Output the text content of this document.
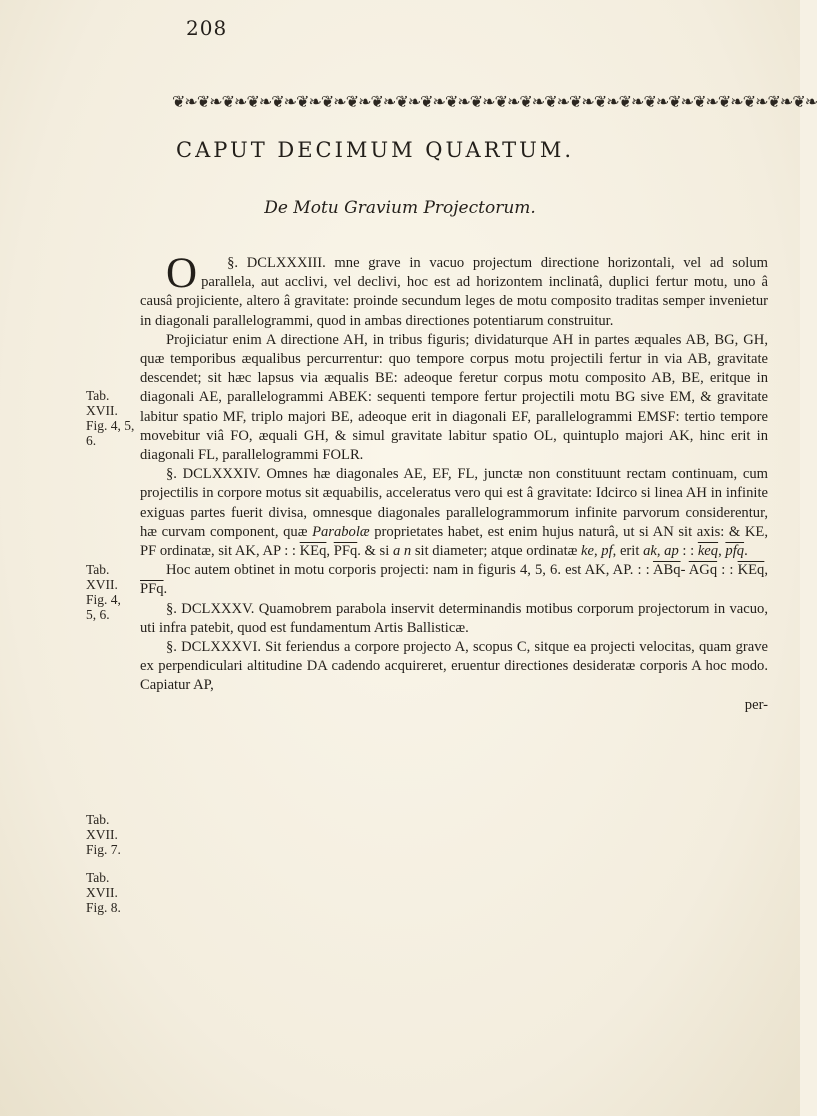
208
❦❧❦❧❦❧❦❧❦❧❦❧❦❧❦❧❦❧❦❧❦❧❦❧❦❧❦❧❦❧❦❧❦❧❦❧❦❧❦❧❦❧❦❧❦❧❦❧❦❧❦❧
CAPUT DECIMUM QUARTUM.
De Motu Gravium Projectorum.
Tab.
XVII.
Fig. 4, 5,
6.
Tab.
XVII.
Fig. 4,
5, 6.
Tab.
XVII.
Fig. 7.
Tab.
XVII.
Fig. 8.

§. DCLXXXIII.
O	mne grave in vacuo projectum directione horizontali, vel ad solum parallela, aut acclivi, vel declivi, hoc est ad horizontem inclinatâ, duplici fertur motu, uno â causâ projiciente, altero â gravitate: proinde secundum leges de motu composito traditas semper invenietur in diagonali parallelogrammi, quod in ambas directiones potentiarum construitur.

Projiciatur enim A directione AH, in tribus figuris; dividaturque AH in partes æquales AB, BG, GH, quæ temporibus æqualibus percurrentur: quo tempore corpus motu projectili fertur in via AB, gravitate descendet; sit hæc lapsus via æqualis BE: adeoque feretur corpus motu composito AB, BE, eritque in diagonali AE, parallelogrammi ABEK: sequenti tempore fertur projectili motu BG sive EM, & gravitate labitur spatio MF, triplo majori BE, adeoque erit in diagonali EF, parallelogrammi EMSF: tertio tempore movebitur viâ FO, æquali GH, & simul gravitate labitur spatio OL, quintuplo majori AK, hinc erit in diagonali FL, parallelogrammi FOLR.

§. DCLXXXIV. Omnes hæ diagonales AE, EF, FL, junctæ non constituunt rectam continuam, cum projectilis in corpore motus sit æquabilis, acceleratus vero qui est â gravitate: Idcirco si linea AH in infinite exiguas partes fuerit divisa, omnesque diagonales parallelogrammorum infinite parvorum considerentur, hæ curvam component, quæ Parabolæ proprietates habet, est enim hujus naturâ, ut si AN sit axis: & KE, PF ordinatæ, sit AK, AP : : $\overline{KEq}$, $\overline{PFq}$. & si a n sit diameter; atque ordinatæ ke, pf, erit ak, ap : : $\overline{keq}$, $\overline{pfq}$.

Hoc autem obtinet in motu corporis projecti: nam in figuris 4, 5, 6. est AK, AP. : : $\overline{ABq}-$ $\overline{AGq}$ : : $\overline{KEq}$, $\overline{PFq}$.

§. DCLXXXV. Quamobrem parabola inservit determinandis motibus corporum projectorum in vacuo, uti infra patebit, quod est fundamentum Artis Ballisticæ.

§. DCLXXXVI. Sit feriendus a corpore projecto A, scopus C, sitque ea projecti velocitas, quam grave ex perpendiculari altitudine DA cadendo acquireret, eruentur directiones desideratæ corporis A hoc modo. Capiatur AP,

per-
